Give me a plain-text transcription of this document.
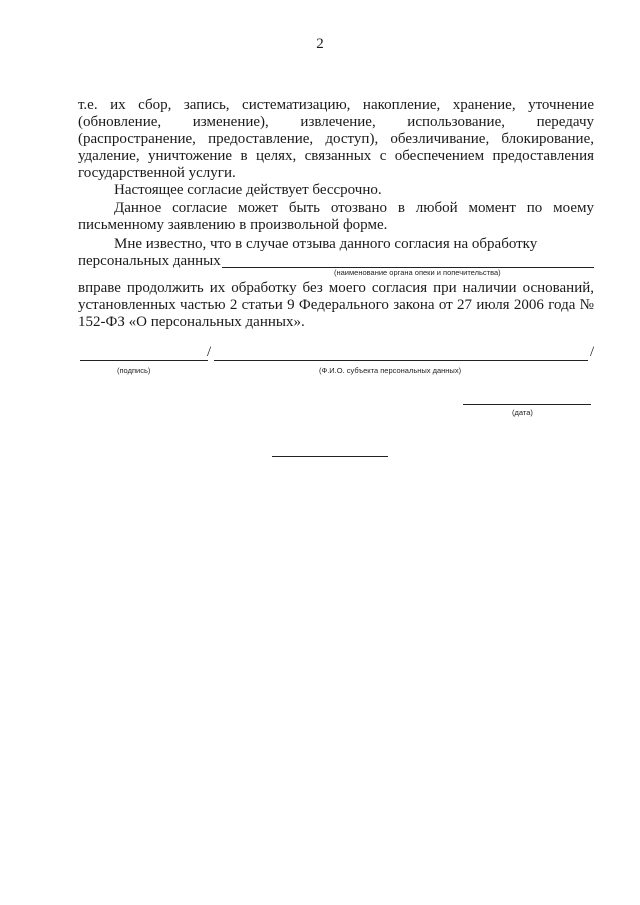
2
т.е. их сбор, запись, систематизацию, накопление, хранение, уточнение (обновление, изменение), извлечение, использование, передачу (распространение, предоставление, доступ), обезличивание, блокирование, удаление, уничтожение в целях, связанных с обеспечением предоставления государственной услуги.
Настоящее согласие действует бессрочно.
Данное согласие может быть отозвано в любой момент по моему письменному заявлению в произвольной форме.
Мне известно, что в случае отзыва данного согласия на обработку
персональных данных
(наименование органа опеки и попечительства)
вправе продолжить их обработку без моего согласия при наличии оснований, установленных частью 2 статьи 9 Федерального закона от 27 июля 2006 года № 152-ФЗ «О персональных данных».
/	/
(подпись)	(Ф.И.О. субъекта персональных данных)
(дата)
